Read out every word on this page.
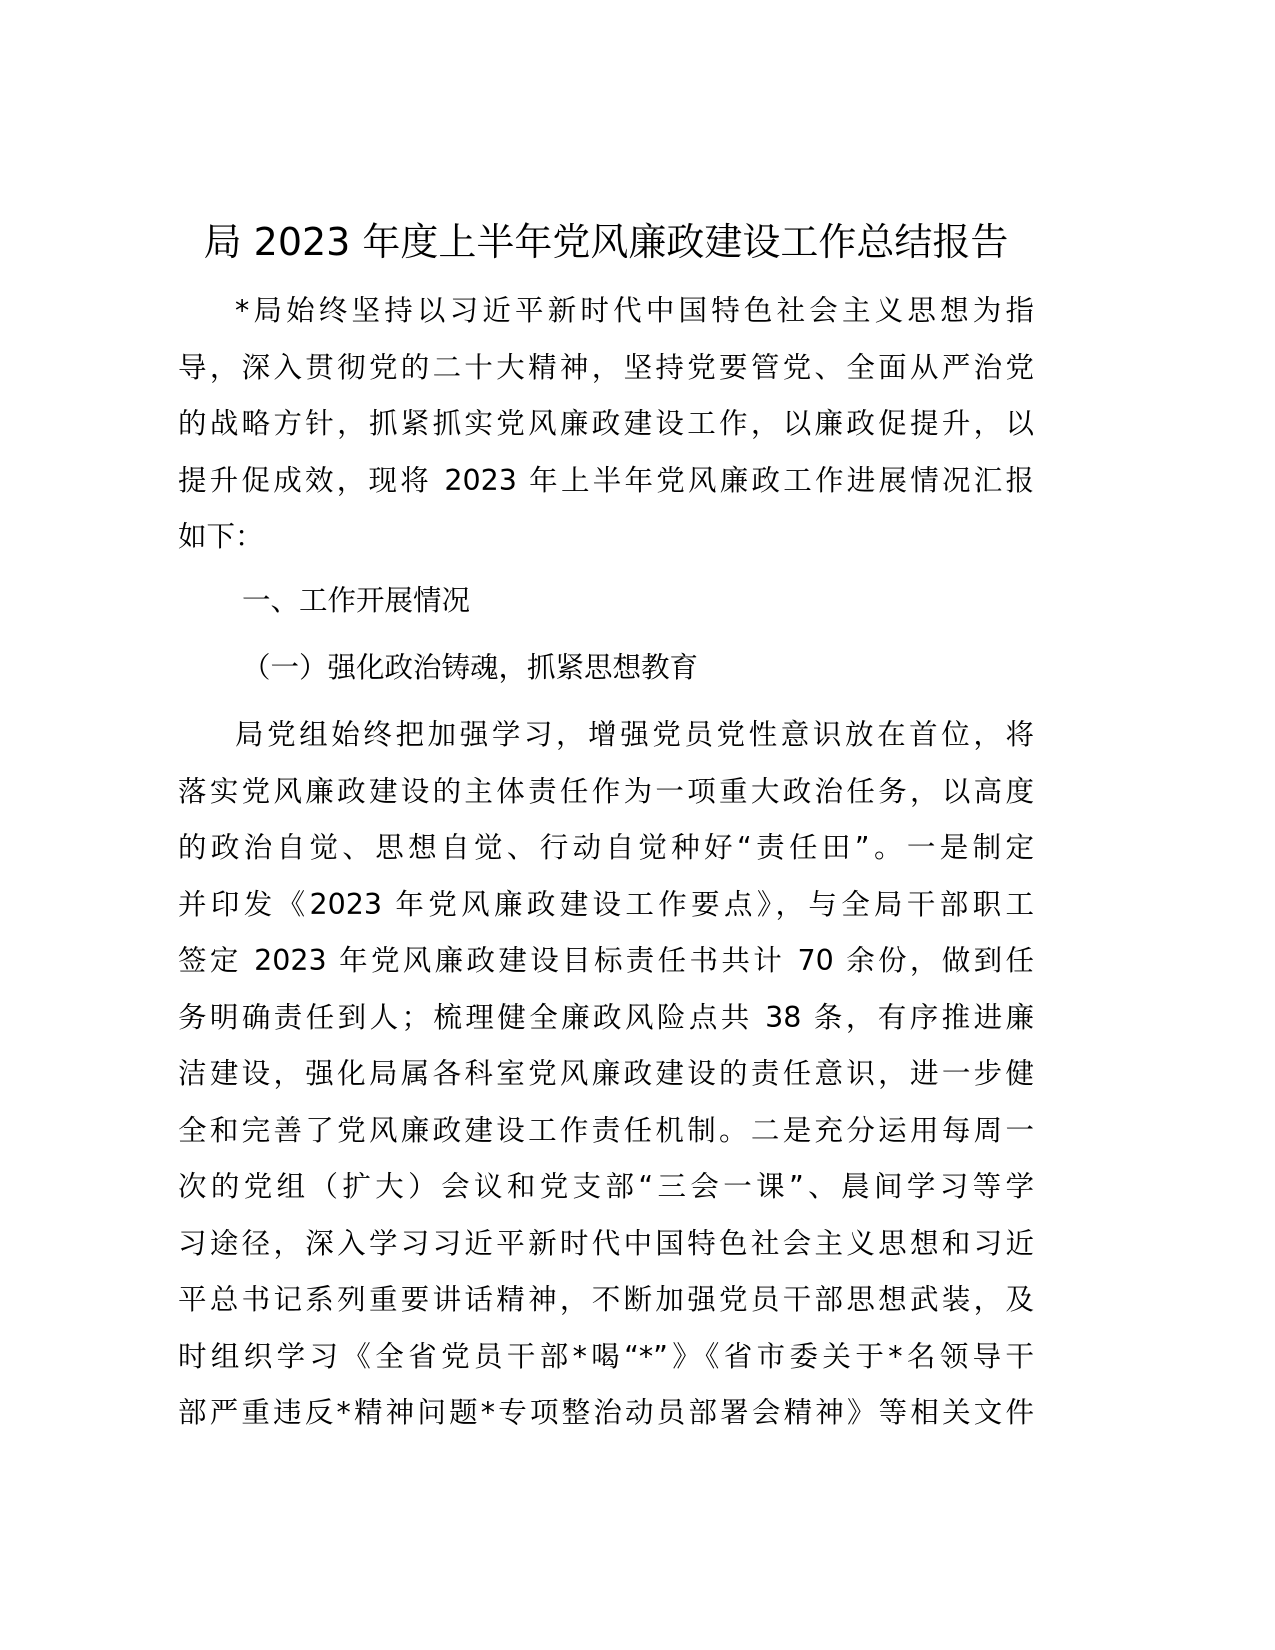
局 2023 年度上半年党风廉政建设工作总结报告
*局始终坚持以习近平新时代中国特色社会主义思想为指
导，深入贯彻党的二十大精神，坚持党要管党、全面从严治党
的战略方针，抓紧抓实党风廉政建设工作，以廉政促提升，以
提升促成效，现将 2023 年上半年党风廉政工作进展情况汇报
如下：
一、工作开展情况
（一）强化政治铸魂，抓紧思想教育
局党组始终把加强学习，增强党员党性意识放在首位，将
落实党风廉政建设的主体责任作为一项重大政治任务，以高度
的政治自觉、思想自觉、行动自觉种好“责任田”。一是制定
并印发《2023 年党风廉政建设工作要点》，与全局干部职工
签定 2023 年党风廉政建设目标责任书共计 70 余份，做到任
务明确责任到人；梳理健全廉政风险点共 38 条，有序推进廉
洁建设，强化局属各科室党风廉政建设的责任意识，进一步健
全和完善了党风廉政建设工作责任机制。二是充分运用每周一
次的党组（扩大）会议和党支部“三会一课”、晨间学习等学
习途径，深入学习习近平新时代中国特色社会主义思想和习近
平总书记系列重要讲话精神，不断加强党员干部思想武装，及
时组织学习《全省党员干部*喝“*”》《省市委关于*名领导干
部严重违反*精神问题*专项整治动员部署会精神》等相关文件
